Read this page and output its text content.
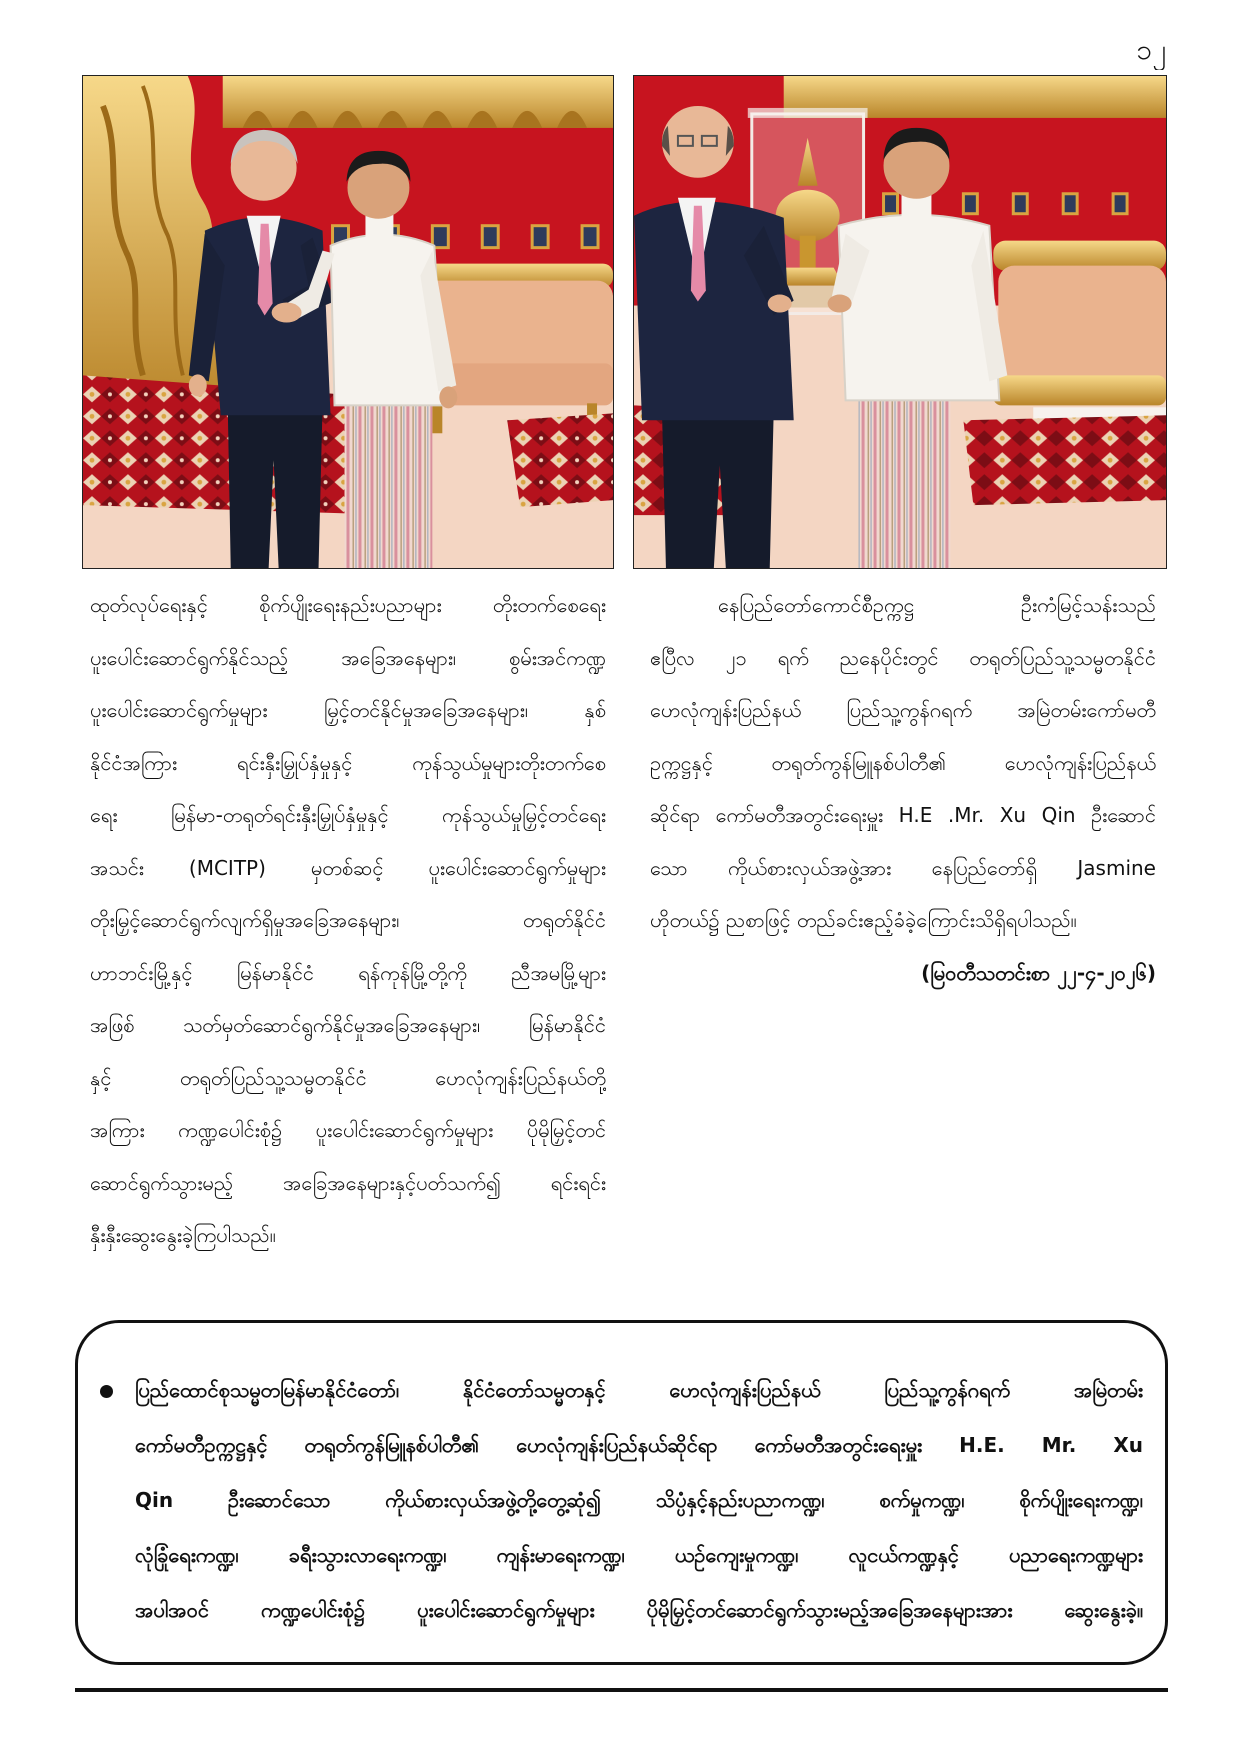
၁၂
ထုတ်လုပ်ရေးနှင့် စိုက်ပျိုးရေးနည်းပညာများ တိုးတက်စေရေး
ပူးပေါင်းဆောင်ရွက်နိုင်သည့် အခြေအနေများ၊ စွမ်းအင်ကဏ္ဍ
ပူးပေါင်းဆောင်ရွက်မှုများ မြှင့်တင်နိုင်မှုအခြေအနေများ၊ နှစ်
နိုင်ငံအကြား ရင်းနှီးမြှုပ်နှံမှုနှင့် ကုန်သွယ်မှုများတိုးတက်စေ
ရေး မြန်မာ-တရုတ်ရင်းနှီးမြှုပ်နှံမှုနှင့် ကုန်သွယ်မှုမြှင့်တင်ရေး
အသင်း (MCITP) မှတစ်ဆင့် ပူးပေါင်းဆောင်ရွက်မှုများ
တိုးမြှင့်ဆောင်ရွက်လျက်ရှိမှုအခြေအနေများ၊ တရုတ်နိုင်ငံ
ဟာဘင်းမြို့နှင့် မြန်မာနိုင်ငံ ရန်ကုန်မြို့တို့ကို ညီအမမြို့များ
အဖြစ် သတ်မှတ်ဆောင်ရွက်နိုင်မှုအခြေအနေများ၊ မြန်မာနိုင်ငံ
နှင့် တရုတ်ပြည်သူ့သမ္မတနိုင်ငံ ဟေလုံကျန်းပြည်နယ်တို့
အကြား ကဏ္ဍပေါင်းစုံ၌ ပူးပေါင်းဆောင်ရွက်မှုများ ပိုမိုမြှင့်တင်
ဆောင်ရွက်သွားမည့် အခြေအနေများနှင့်ပတ်သက်၍ ရင်းရင်း
နှီးနှီးဆွေးနွေးခဲ့ကြပါသည်။
နေပြည်တော်ကောင်စီဥက္ကဋ္ဌ ဦးကံမြင့်သန်းသည်
ဧပြီလ ၂၁ ရက် ညနေပိုင်းတွင် တရုတ်ပြည်သူ့သမ္မတနိုင်ငံ
ဟေလုံကျန်းပြည်နယ် ပြည်သူ့ကွန်ဂရက် အမြဲတမ်းကော်မတီ
ဥက္ကဋ္ဌနှင့် တရုတ်ကွန်မြူနစ်ပါတီ၏ ဟေလုံကျန်းပြည်နယ်
ဆိုင်ရာ ကော်မတီအတွင်းရေးမှူး H.E .Mr. Xu Qin ဦးဆောင်
သော ကိုယ်စားလှယ်အဖွဲ့အား နေပြည်တော်ရှိ Jasmine
ဟိုတယ်၌ ညစာဖြင့် တည်ခင်းဧည့်ခံခဲ့ကြောင်းသိရှိရပါသည်။
(မြဝတီသတင်းစာ ၂၂-၄-၂၀၂၆)
ပြည်ထောင်စုသမ္မတမြန်မာနိုင်ငံတော်၊ နိုင်ငံတော်သမ္မတနှင့် ဟေလုံကျန်းပြည်နယ် ပြည်သူ့ကွန်ဂရက် အမြဲတမ်း
ကော်မတီဥက္ကဋ္ဌနှင့် တရုတ်ကွန်မြူနစ်ပါတီ၏ ဟေလုံကျန်းပြည်နယ်ဆိုင်ရာ ကော်မတီအတွင်းရေးမှူး H.E. Mr. Xu
Qin ဦးဆောင်သော ကိုယ်စားလှယ်အဖွဲ့တို့တွေ့ဆုံ၍ သိပ္ပံနှင့်နည်းပညာကဏ္ဍ၊ စက်မှုကဏ္ဍ၊ စိုက်ပျိုးရေးကဏ္ဍ၊
လုံခြုံရေးကဏ္ဍ၊ ခရီးသွားလာရေးကဏ္ဍ၊ ကျန်းမာရေးကဏ္ဍ၊ ယဉ်ကျေးမှုကဏ္ဍ၊ လူငယ်ကဏ္ဍနှင့် ပညာရေးကဏ္ဍများ
အပါအဝင် ကဏ္ဍပေါင်းစုံ၌ ပူးပေါင်းဆောင်ရွက်မှုများ ပိုမိုမြှင့်တင်ဆောင်ရွက်သွားမည့်အခြေအနေများအား ဆွေးနွေးခဲ့။
